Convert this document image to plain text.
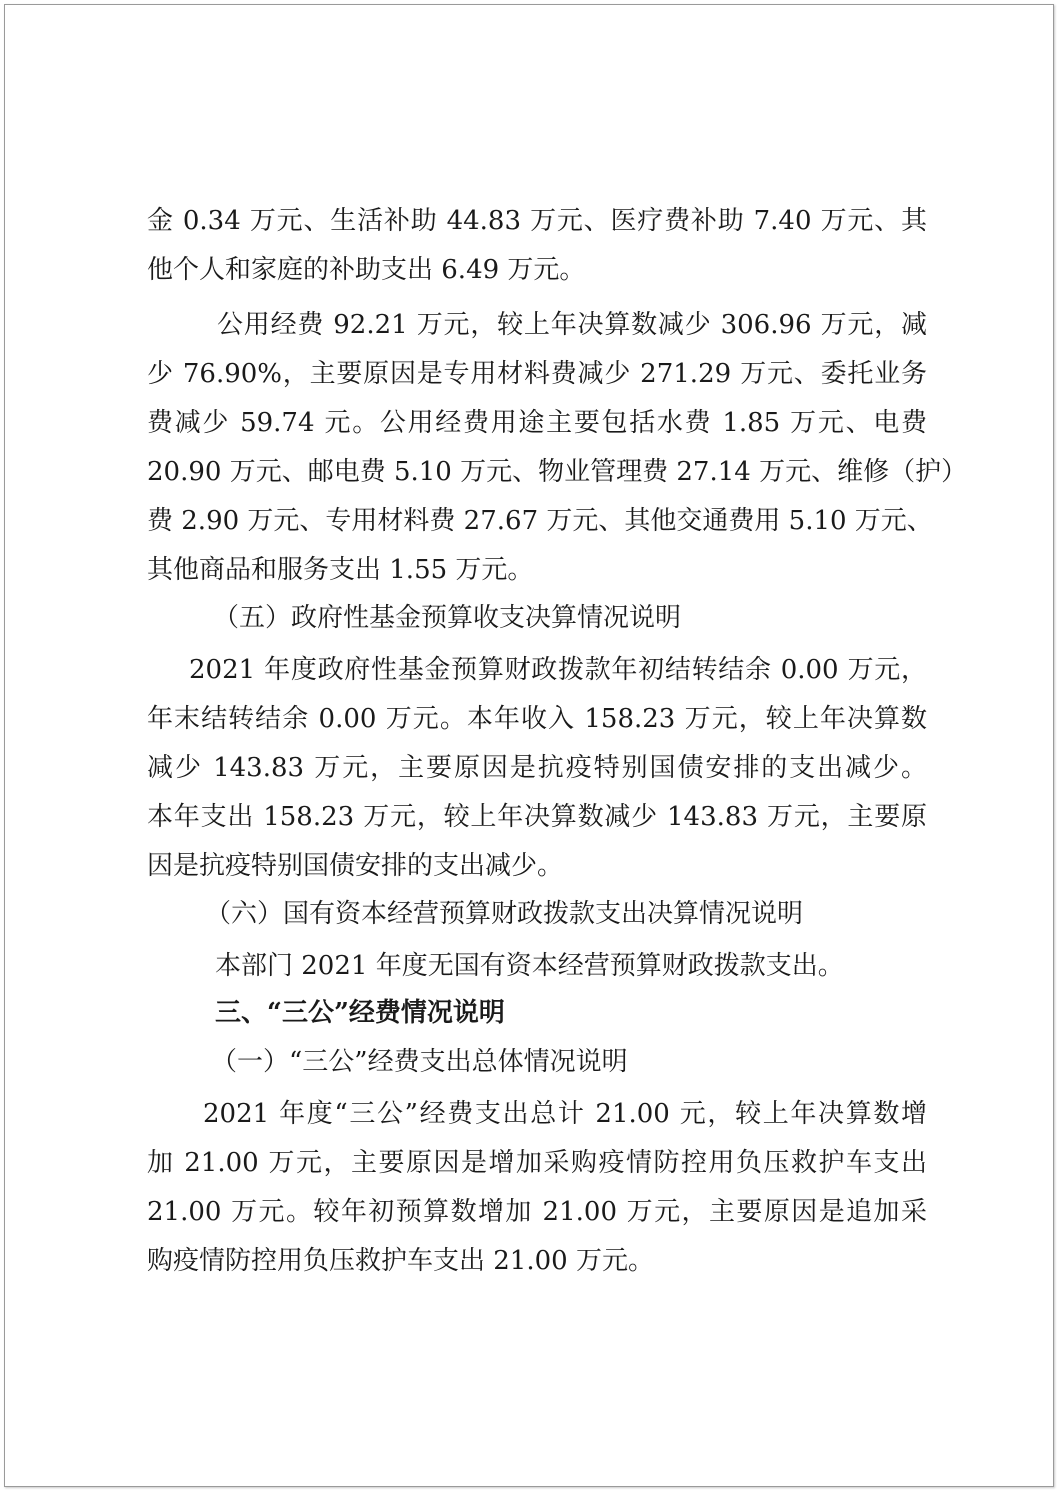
金 0.34 万元、生活补助 44.83 万元、医疗费补助 7.40 万元、其
他个人和家庭的补助支出 6.49 万元。
公用经费 92.21 万元，较上年决算数减少 306.96 万元，减
少 76.90%，主要原因是专用材料费减少 271.29 万元、委托业务
费减少 59.74 元。公用经费用途主要包括水费 1.85 万元、电费
20.90 万元、邮电费 5.10 万元、物业管理费 27.14 万元、维修（护）
费 2.90 万元、专用材料费 27.67 万元、其他交通费用 5.10 万元、
其他商品和服务支出 1.55 万元。
（五）政府性基金预算收支决算情况说明
2021 年度政府性基金预算财政拨款年初结转结余 0.00 万元，
年末结转结余 0.00 万元。本年收入 158.23 万元，较上年决算数
减少 143.83 万元，主要原因是抗疫特别国债安排的支出减少。
本年支出 158.23 万元，较上年决算数减少 143.83 万元，主要原
因是抗疫特别国债安排的支出减少。
（六）国有资本经营预算财政拨款支出决算情况说明
本部门 2021 年度无国有资本经营预算财政拨款支出。
三、“三公”经费情况说明
（一）“三公”经费支出总体情况说明
2021 年度“三公”经费支出总计 21.00 元，较上年决算数增
加 21.00 万元，主要原因是增加采购疫情防控用负压救护车支出
21.00 万元。较年初预算数增加 21.00 万元，主要原因是追加采
购疫情防控用负压救护车支出 21.00 万元。
